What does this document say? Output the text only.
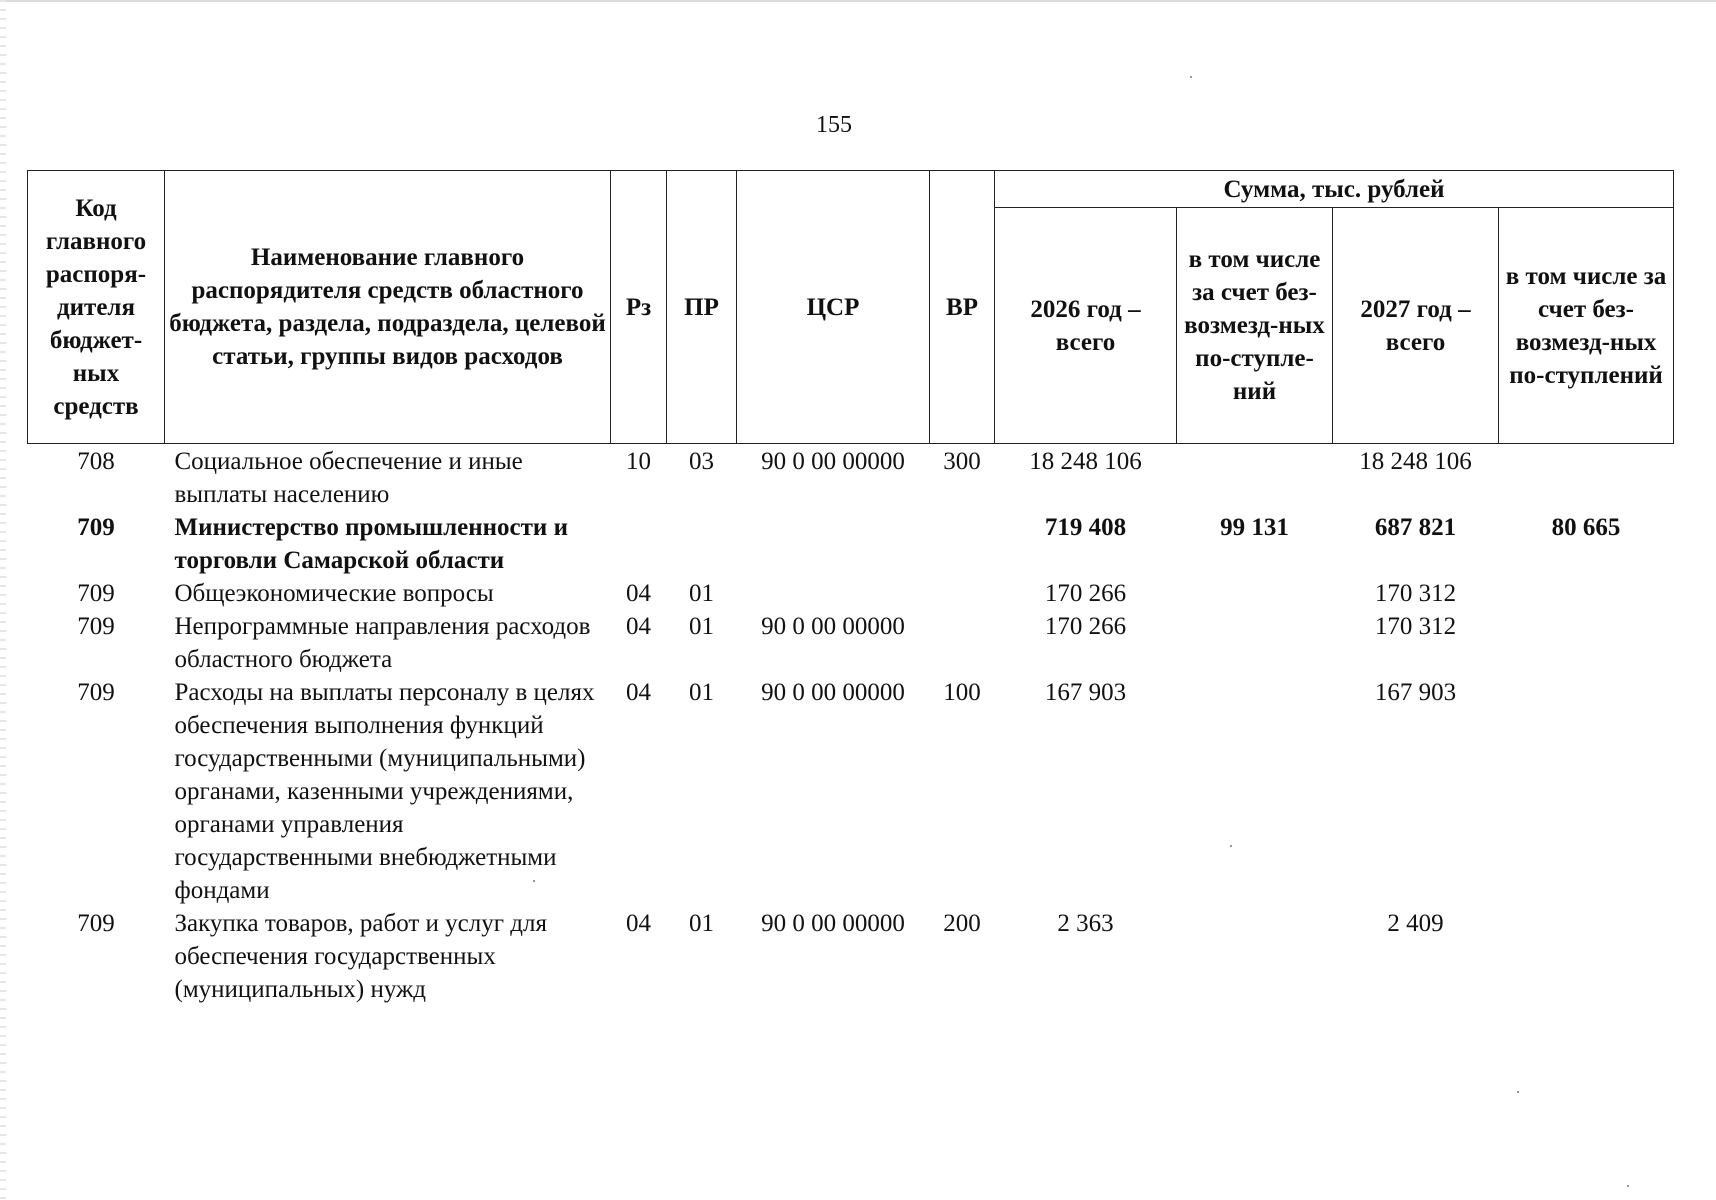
155
Код главного распоря-дителя бюджет-ных средств	Наименование главного распорядителя средств областного бюджета, раздела, подраздела, целевой статьи, группы видов расходов	Рз	ПР	ЦСР	ВР	Сумма, тыс. рублей			
						2026 год – всего	в том числе за счет без-возмезд-ных по-ступле-ний	2027 год – всего	в том числе за счет без-возмезд-ных по-ступлений
708	Социальное обеспечение и иные выплаты населению	10	03	90 0 00 00000	300	18 248 106		18 248 106	
709	Министерство промышленности и торговли Самарской области					719 408	99 131	687 821	80 665
709	Общеэкономические вопросы	04	01			170 266		170 312	
709	Непрограммные направления расходов областного бюджета	04	01	90 0 00 00000		170 266		170 312	
709	Расходы на выплаты персоналу в целях обеспечения выполнения функций государственными (муниципальными) органами, казенными учреждениями, органами управления государственными внебюджетными фондами	04	01	90 0 00 00000	100	167 903		167 903	
709	Закупка товаров, работ и услуг для обеспечения государственных (муниципальных) нужд	04	01	90 0 00 00000	200	2 363		2 409	
